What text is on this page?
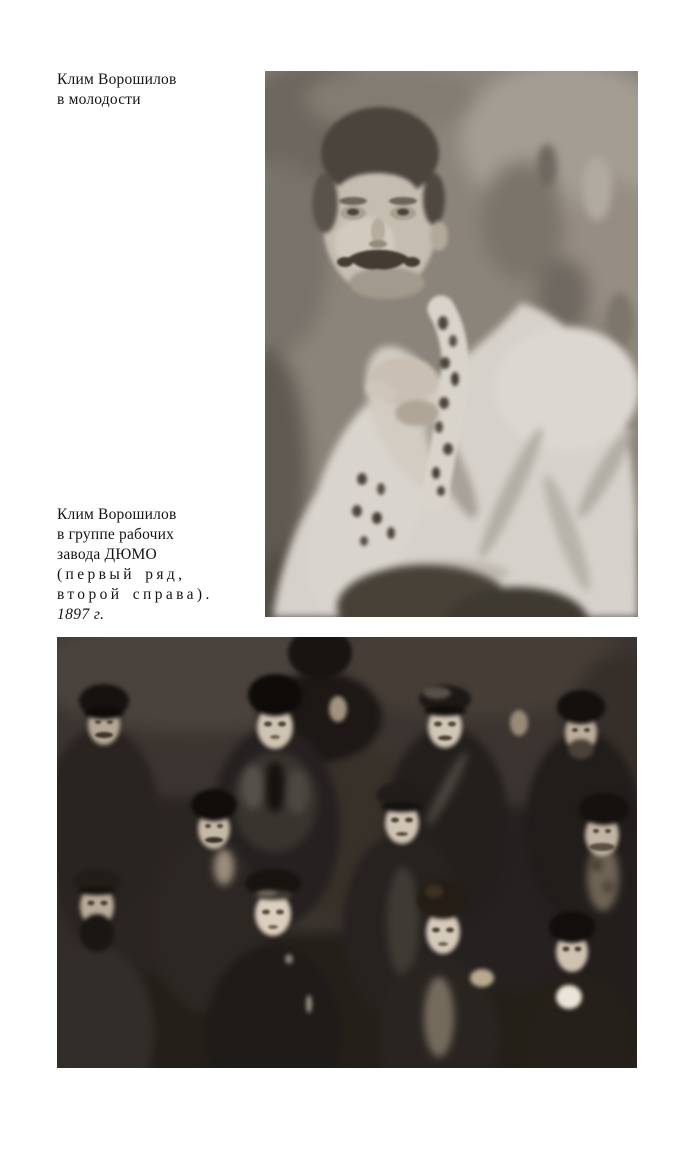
Клим Ворошилов
в молодости
Клим Ворошилов
в группе рабочих
завода ДЮМО
(первый ряд,
второй справа).
1897 г.
